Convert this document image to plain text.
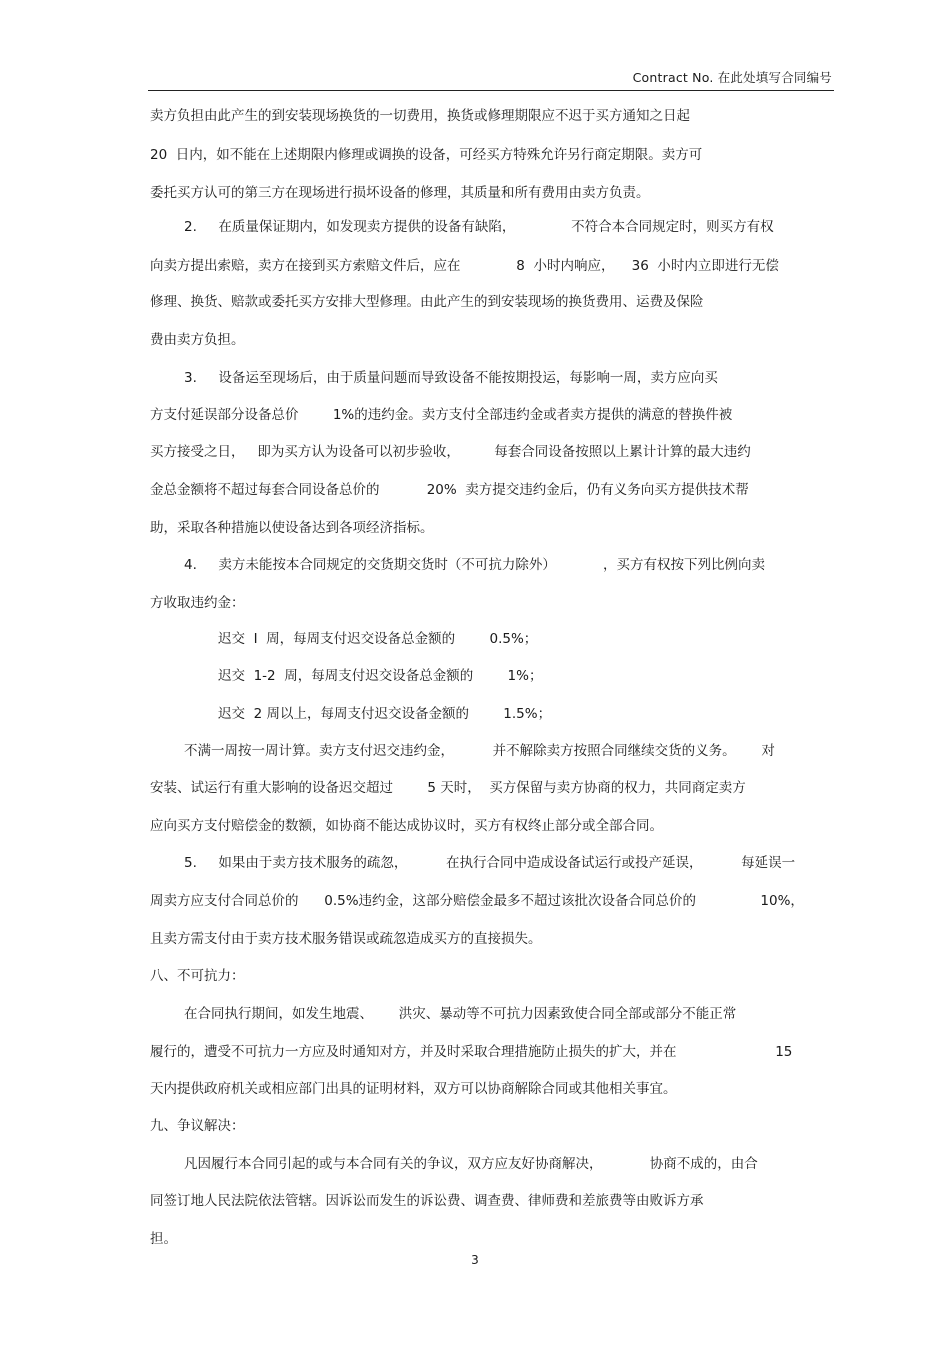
Contract No. 在此处填写合同编号
卖方负担由此产生的到安装现场换货的一切费用，换货或修理期限应不迟于买方通知之日起
20  日内，如不能在上述期限内修理或调换的设备，可经买方特殊允许另行商定期限。卖方可
委托买方认可的第三方在现场进行损坏设备的修理，其质量和所有费用由卖方负责。
2.     在质量保证期内，如发现卖方提供的设备有缺陷，             不符合本合同规定时，则买方有权
向卖方提出索赔，卖方在接到买方索赔文件后，应在             8  小时内响应，    36  小时内立即进行无偿
修理、换货、赔款或委托买方安排大型修理。由此产生的到安装现场的换货费用、运费及保险
费由卖方负担。
3.     设备运至现场后，由于质量问题而导致设备不能按期投运，每影响一周，卖方应向买
方支付延误部分设备总价        1%的违约金。卖方支付全部违约金或者卖方提供的满意的替换件被
买方接受之日，   即为买方认为设备可以初步验收，        每套合同设备按照以上累计计算的最大违约
金总金额将不超过每套合同设备总价的           20%  卖方提交违约金后，仍有义务向买方提供技术帮
助，采取各种措施以使设备达到各项经济指标。
4.     卖方未能按本合同规定的交货期交货时（不可抗力除外）           ，买方有权按下列比例向卖
方收取违约金：
迟交  I  周，每周支付迟交设备总金额的        0.5%；
迟交  1-2  周，每周支付迟交设备总金额的        1%；
迟交  2 周以上，每周支付迟交设备金额的        1.5%；
不满一周按一周计算。卖方支付迟交违约金，         并不解除卖方按照合同继续交货的义务。      对
安装、试运行有重大影响的设备迟交超过        5 天时，  买方保留与卖方协商的权力，共同商定卖方
应向买方支付赔偿金的数额，如协商不能达成协议时，买方有权终止部分或全部合同。
5.     如果由于卖方技术服务的疏忽，         在执行合同中造成设备试运行或投产延误，         每延误一
周卖方应支付合同总价的      0.5%违约金，这部分赔偿金最多不超过该批次设备合同总价的               10%，
且卖方需支付由于卖方技术服务错误或疏忽造成买方的直接损失。
八、不可抗力：
在合同执行期间，如发生地震、      洪灾、暴动等不可抗力因素致使合同全部或部分不能正常
履行的，遭受不可抗力一方应及时通知对方，并及时采取合理措施防止损失的扩大，并在                       15
天内提供政府机关或相应部门出具的证明材料，双方可以协商解除合同或其他相关事宜。
九、争议解决：
凡因履行本合同引起的或与本合同有关的争议，双方应友好协商解决，           协商不成的，由合
同签订地人民法院依法管辖。因诉讼而发生的诉讼费、调查费、律师费和差旅费等由败诉方承
担。
3
